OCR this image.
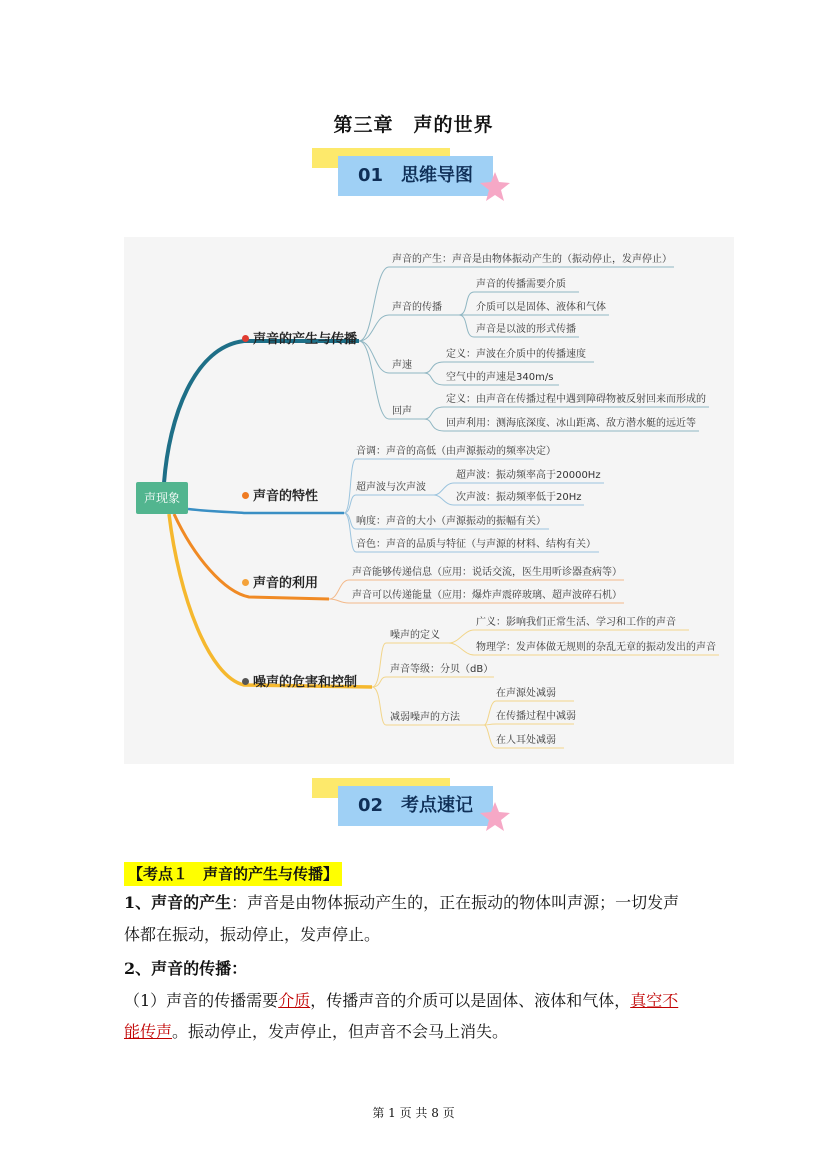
第三章　声的世界
01　思维导图
声现象
声音的产生与传播
声音的特性
声音的利用
噪声的危害和控制
声音的产生：声音是由物体振动产生的（振动停止，发声停止）
声音的传播
声音的传播需要介质
介质可以是固体、液体和气体
声音是以波的形式传播
声速
定义：声波在介质中的传播速度
空气中的声速是340m/s
回声
定义：由声音在传播过程中遇到障碍物被反射回来而形成的
回声利用：测海底深度、冰山距离、敌方潜水艇的远近等
音调：声音的高低（由声源振动的频率决定）
超声波与次声波
超声波：振动频率高于20000Hz
次声波：振动频率低于20Hz
响度：声音的大小（声源振动的振幅有关）
音色：声音的品质与特征（与声源的材料、结构有关）
声音能够传递信息（应用：说话交流，医生用听诊器查病等）
声音可以传递能量（应用：爆炸声震碎玻璃、超声波碎石机）
噪声的定义
广义：影响我们正常生活、学习和工作的声音
物理学：发声体做无规则的杂乱无章的振动发出的声音
声音等级：分贝（dB）
减弱噪声的方法
在声源处减弱
在传播过程中减弱
在人耳处减弱
02　考点速记
【考点１　声音的产生与传播】
1、声音的产生：声音是由物体振动产生的，正在振动的物体叫声源；一切发声
体都在振动，振动停止，发声停止。
2、声音的传播：
（1）声音的传播需要介质，传播声音的介质可以是固体、液体和气体，真空不
能传声。振动停止，发声停止，但声音不会马上消失。
第 1 页 共 8 页
